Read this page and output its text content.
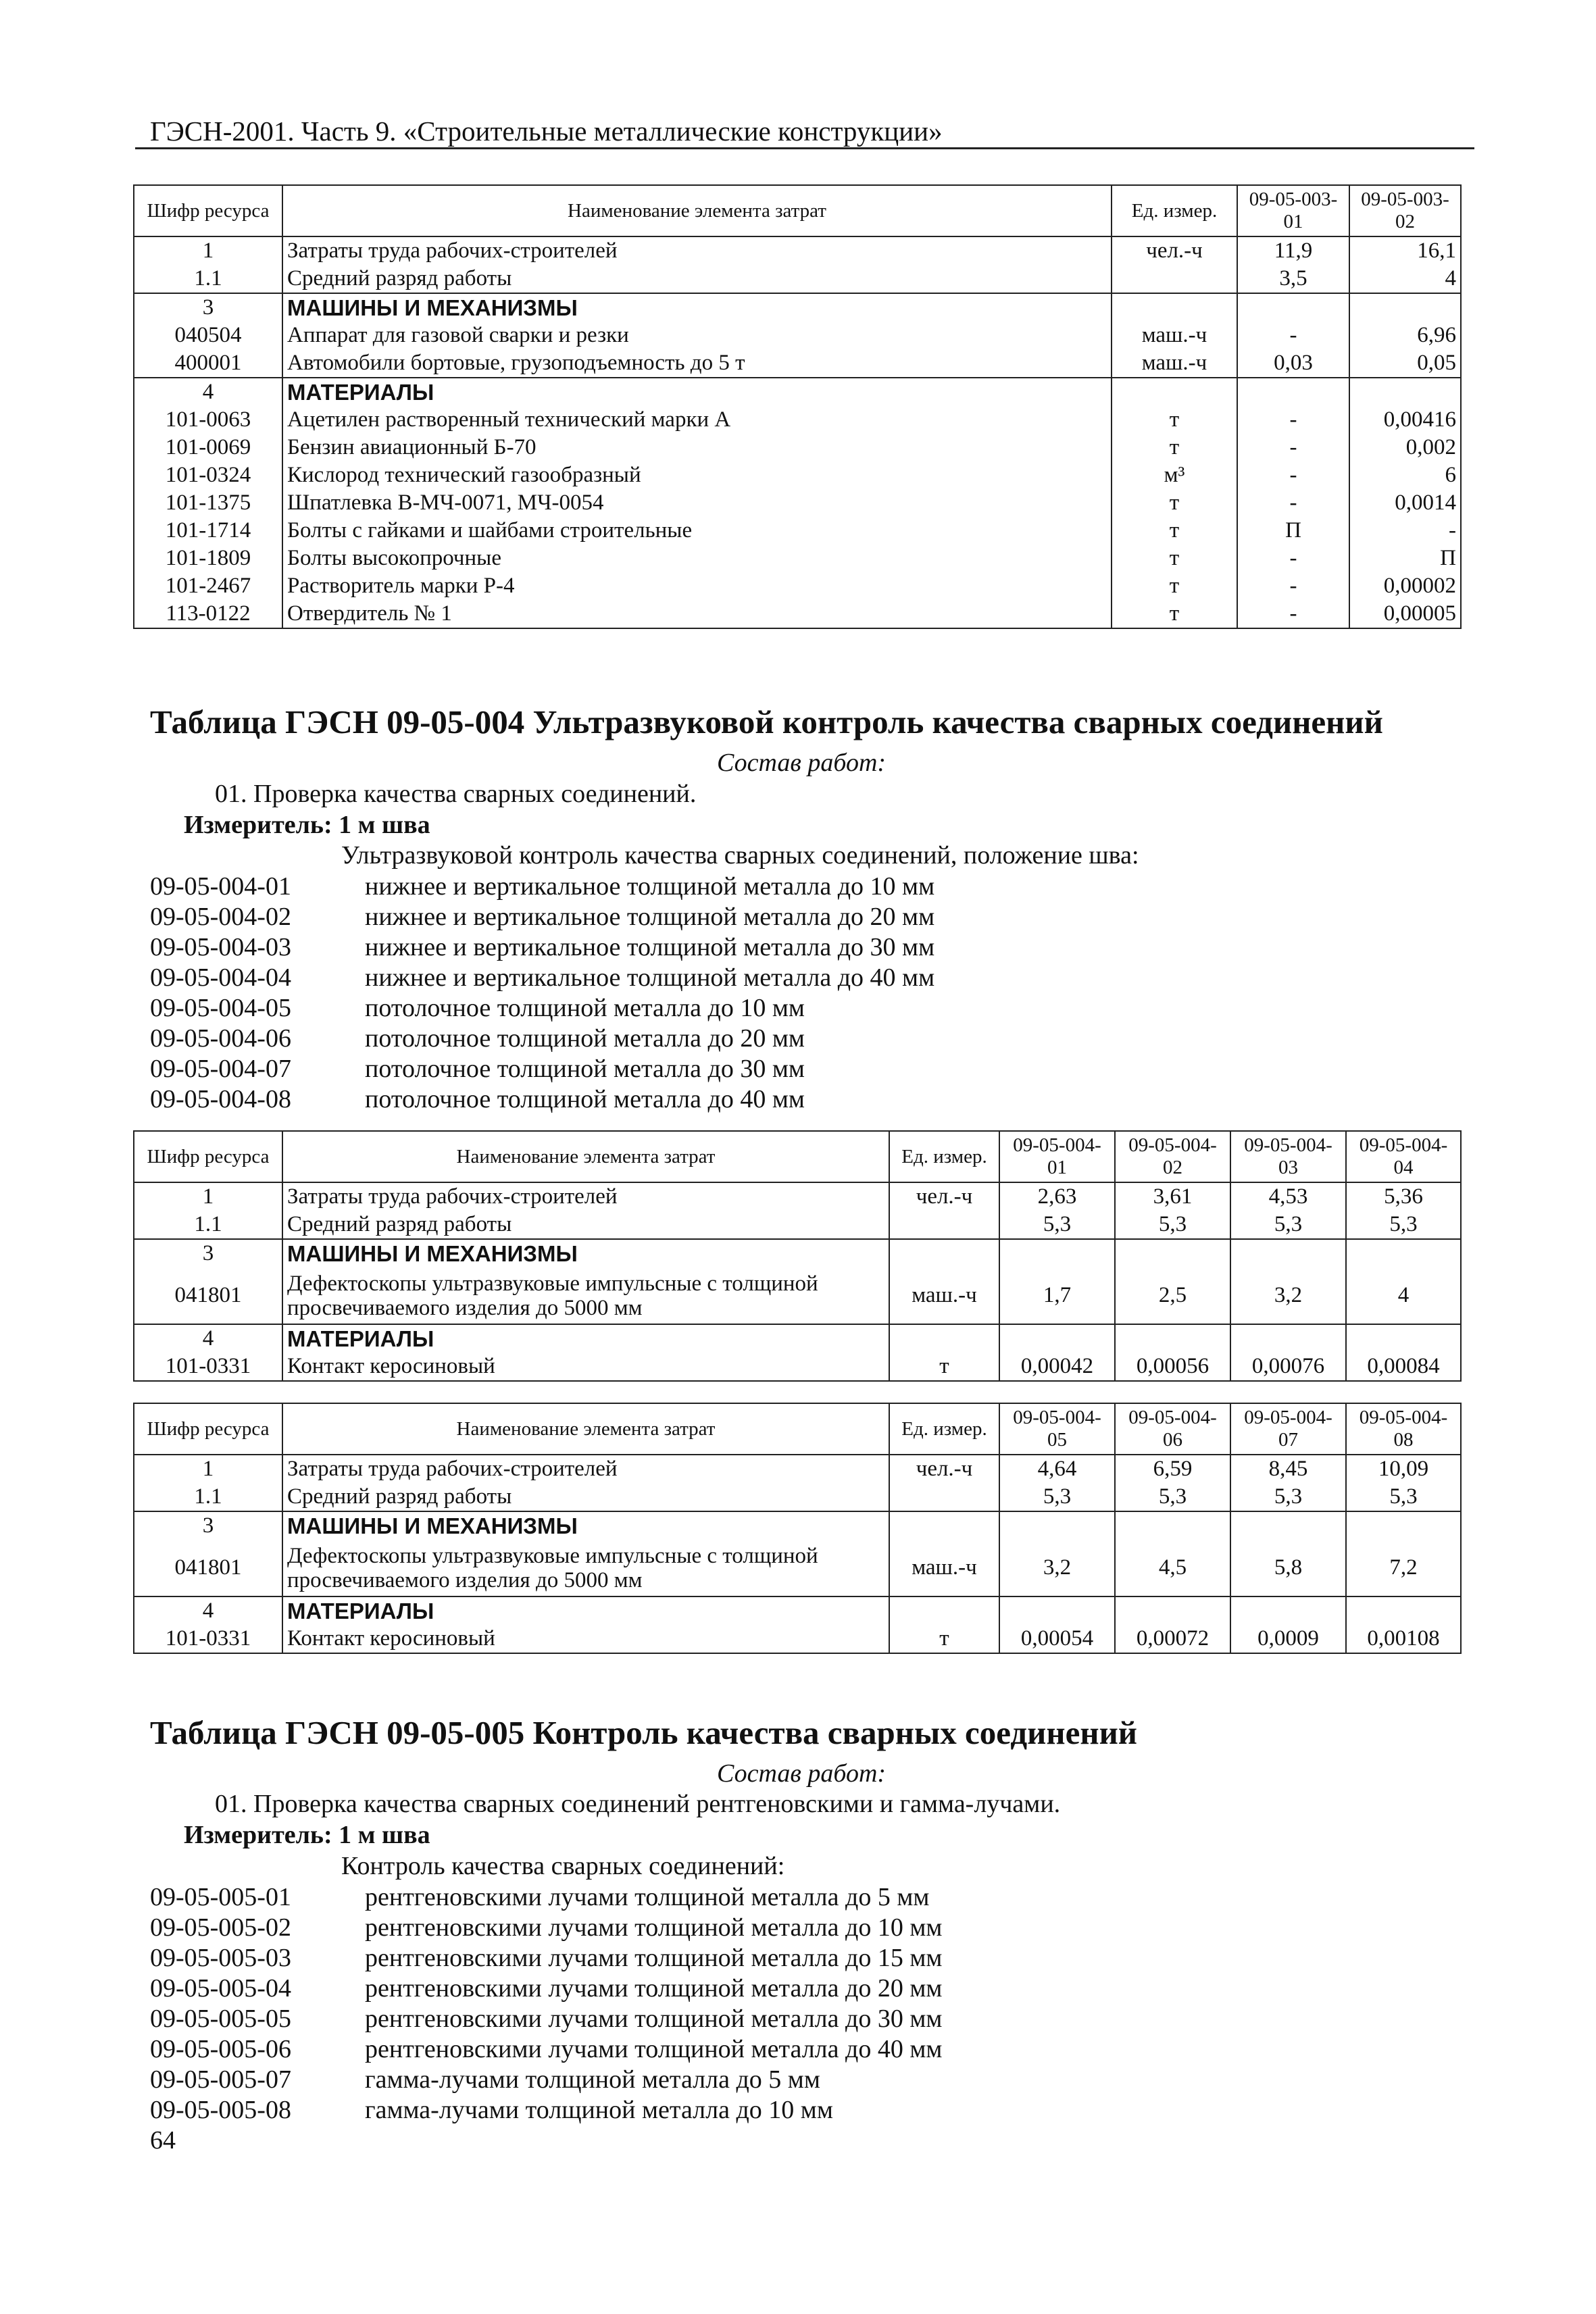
ГЭСН-2001. Часть 9. «Строительные металлические конструкции»
Шифр ресурса	Наименование элемента затрат	Ед. измер.	09-05-003-01	09-05-003-02
1	Затраты труда рабочих-строителей	чел.-ч	11,9	16,1
1.1	Средний разряд работы		3,5	4
3	МАШИНЫ И МЕХАНИЗМЫ			
040504	Аппарат для газовой сварки и резки	маш.-ч	-	6,96
400001	Автомобили бортовые, грузоподъемность до 5 т	маш.-ч	0,03	0,05
4	МАТЕРИАЛЫ			
101-0063	Ацетилен растворенный технический марки А	т	-	0,00416
101-0069	Бензин авиационный Б-70	т	-	0,002
101-0324	Кислород технический газообразный	м³	-	6
101-1375	Шпатлевка В-МЧ-0071, МЧ-0054	т	-	0,0014
101-1714	Болты с гайками и шайбами строительные	т	П	-
101-1809	Болты высокопрочные	т	-	П
101-2467	Растворитель марки Р-4	т	-	0,00002
113-0122	Отвердитель № 1	т	-	0,00005
Таблица ГЭСН 09-05-004 Ультразвуковой контроль качества сварных соединений
Состав работ:
01. Проверка качества сварных соединений.
Измеритель: 1 м шва
Ультразвуковой контроль качества сварных соединений, положение шва:
09-05-004-01	нижнее и вертикальное толщиной металла до 10 мм
09-05-004-02	нижнее и вертикальное толщиной металла до 20 мм
09-05-004-03	нижнее и вертикальное толщиной металла до 30 мм
09-05-004-04	нижнее и вертикальное толщиной металла до 40 мм
09-05-004-05	потолочное толщиной металла до 10 мм
09-05-004-06	потолочное толщиной металла до 20 мм
09-05-004-07	потолочное толщиной металла до 30 мм
09-05-004-08	потолочное толщиной металла до 40 мм
Шифр ресурса	Наименование элемента затрат	Ед. измер.	09-05-004-01	09-05-004-02	09-05-004-03	09-05-004-04
1	Затраты труда рабочих-строителей	чел.-ч	2,63	3,61	4,53	5,36
1.1	Средний разряд работы		5,3	5,3	5,3	5,3
3	МАШИНЫ И МЕХАНИЗМЫ					
041801	Дефектоскопы ультразвуковые импульсные с толщиной просвечиваемого изделия до 5000 мм	маш.-ч	1,7	2,5	3,2	4
4	МАТЕРИАЛЫ					
101-0331	Контакт керосиновый	т	0,00042	0,00056	0,00076	0,00084
Шифр ресурса	Наименование элемента затрат	Ед. измер.	09-05-004-05	09-05-004-06	09-05-004-07	09-05-004-08
1	Затраты труда рабочих-строителей	чел.-ч	4,64	6,59	8,45	10,09
1.1	Средний разряд работы		5,3	5,3	5,3	5,3
3	МАШИНЫ И МЕХАНИЗМЫ					
041801	Дефектоскопы ультразвуковые импульсные с толщиной просвечиваемого изделия до 5000 мм	маш.-ч	3,2	4,5	5,8	7,2
4	МАТЕРИАЛЫ					
101-0331	Контакт керосиновый	т	0,00054	0,00072	0,0009	0,00108
Таблица ГЭСН 09-05-005 Контроль качества сварных соединений
Состав работ:
01. Проверка качества сварных соединений рентгеновскими и гамма-лучами.
Измеритель: 1 м шва
Контроль качества сварных соединений:
09-05-005-01	рентгеновскими лучами толщиной металла до 5 мм
09-05-005-02	рентгеновскими лучами толщиной металла до 10 мм
09-05-005-03	рентгеновскими лучами толщиной металла до 15 мм
09-05-005-04	рентгеновскими лучами толщиной металла до 20 мм
09-05-005-05	рентгеновскими лучами толщиной металла до 30 мм
09-05-005-06	рентгеновскими лучами толщиной металла до 40 мм
09-05-005-07	гамма-лучами толщиной металла до 5 мм
09-05-005-08	гамма-лучами толщиной металла до 10 мм
64
